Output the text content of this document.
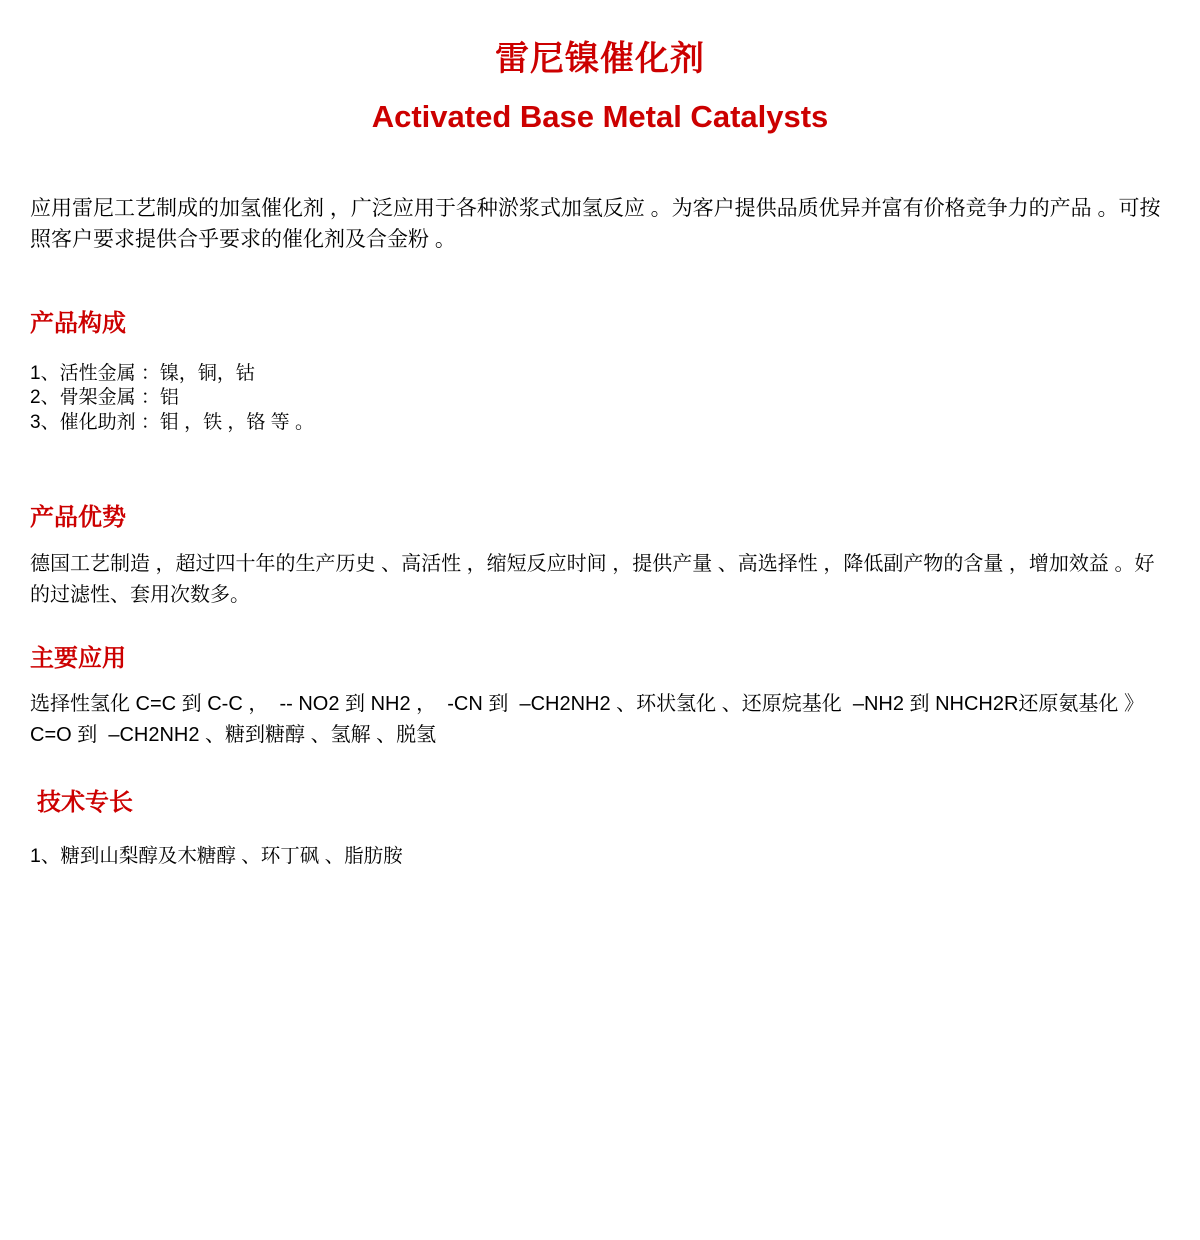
雷尼镍催化剂
Activated Base Metal Catalysts

应用雷尼工艺制成的加氢催化剂 ，广泛应用于各种淤浆式加氢反应 。为客户提供品质优异并富有价格竞争力的产品 。可按照客户要求提供合乎要求的催化剂及合金粉 。

产品构成

1、活性金属 ：镍，铜，钴

2、骨架金属 ：铝

3、催化助剂 ：钼 ，铁 ，铬 等 。

产品优势

德国工艺制造 ，超过四十年的生产历史 、高活性 ，缩短反应时间 ，提供产量 、高选择性 ，降低副产物的含量 ，增加效益 。好的过滤性、套用次数多。

主要应用

选择性氢化 C=C 到 C-C ，  -- NO2 到 NH2 ，  -CN 到  –CH2NH2 、环状氢化 、还原烷基化  –NH2 到 NHCH2R还原氨基化 》 C=O 到  –CH2NH2 、糖到糖醇 、氢解 、脱氢

技术专长

1、糖到山梨醇及木糖醇 、环丁砜 、脂肪胺
